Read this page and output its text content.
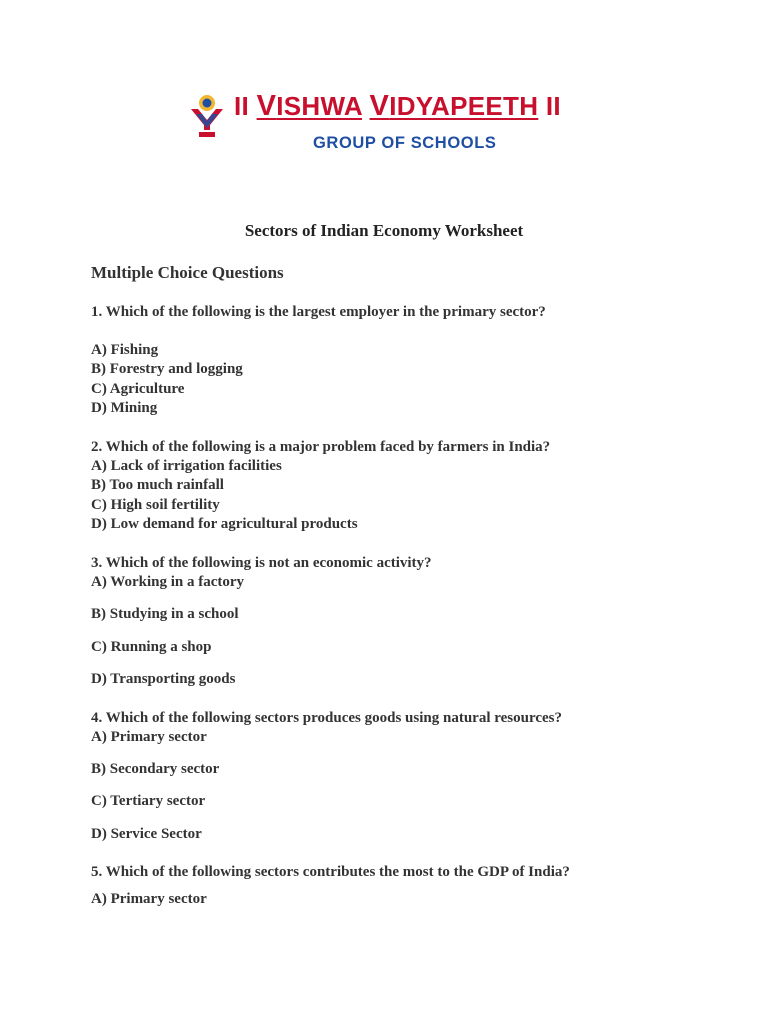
II VISHWA VIDYAPEETH II
GROUP OF SCHOOLS
Sectors of Indian Economy Worksheet
Multiple Choice Questions
1. Which of the following is the largest employer in the primary sector?
A) Fishing
B) Forestry and logging
C) Agriculture
D) Mining
2. Which of the following is a major problem faced by farmers in India?
A) Lack of irrigation facilities
B) Too much rainfall
C) High soil fertility
D) Low demand for agricultural products
3. Which of the following is not an economic activity?
A) Working in a factory
B) Studying in a school
C) Running a shop
D) Transporting goods
4. Which of the following sectors produces goods using natural resources?
A) Primary sector
B) Secondary sector
C) Tertiary sector
D) Service Sector
5. Which of the following sectors contributes the most to the GDP of India?
A) Primary sector
